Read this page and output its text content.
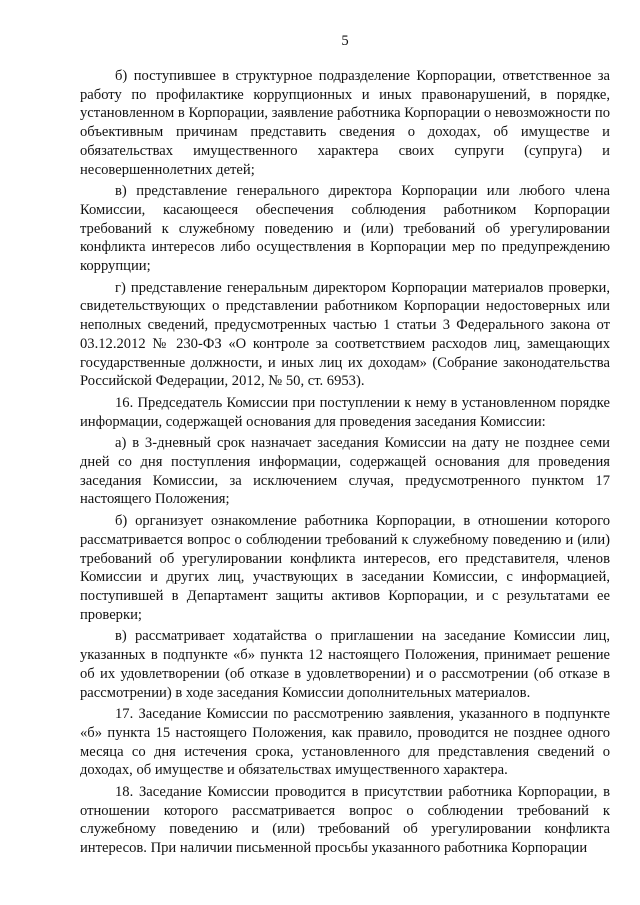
5

б) поступившее в структурное подразделение Корпорации, ответственное за работу по профилактике коррупционных и иных правонарушений, в порядке, установленном в Корпорации, заявление работника Корпорации о невозможности по объективным причинам представить сведения о доходах, об имуществе и обязательствах имущественного характера своих супруги (супруга) и несовершеннолетних детей;

в) представление генерального директора Корпорации или любого члена Комиссии, касающееся обеспечения соблюдения работником Корпорации требований к служебному поведению и (или) требований об урегулировании конфликта интересов либо осуществления в Корпорации мер по предупреждению коррупции;

г) представление генеральным директором Корпорации материалов проверки, свидетельствующих о представлении работником Корпорации недостоверных или неполных сведений, предусмотренных частью 1 статьи 3 Федерального закона от 03.12.2012 № 230-ФЗ «О контроле за соответствием расходов лиц, замещающих государственные должности, и иных лиц их доходам» (Собрание законодательства Российской Федерации, 2012, № 50, ст. 6953).

16. Председатель Комиссии при поступлении к нему в установленном порядке информации, содержащей основания для проведения заседания Комиссии:

а) в 3-дневный срок назначает заседания Комиссии на дату не позднее семи дней со дня поступления информации, содержащей основания для проведения заседания Комиссии, за исключением случая, предусмотренного пунктом 17 настоящего Положения;

б) организует ознакомление работника Корпорации, в отношении которого рассматривается вопрос о соблюдении требований к служебному поведению и (или) требований об урегулировании конфликта интересов, его представителя, членов Комиссии и других лиц, участвующих в заседании Комиссии, с информацией, поступившей в Департамент защиты активов Корпорации, и с результатами ее проверки;

в) рассматривает ходатайства о приглашении на заседание Комиссии лиц, указанных в подпункте «б» пункта 12 настоящего Положения, принимает решение об их удовлетворении (об отказе в удовлетворении) и о рассмотрении (об отказе в рассмотрении) в ходе заседания Комиссии дополнительных материалов.

17. Заседание Комиссии по рассмотрению заявления, указанного в подпункте «б» пункта 15 настоящего Положения, как правило, проводится не позднее одного месяца со дня истечения срока, установленного для представления сведений о доходах, об имуществе и обязательствах имущественного характера.

18. Заседание Комиссии проводится в присутствии работника Корпорации, в отношении которого рассматривается вопрос о соблюдении требований к служебному поведению и (или) требований об урегулировании конфликта интересов. При наличии письменной просьбы указанного работника Корпорации
